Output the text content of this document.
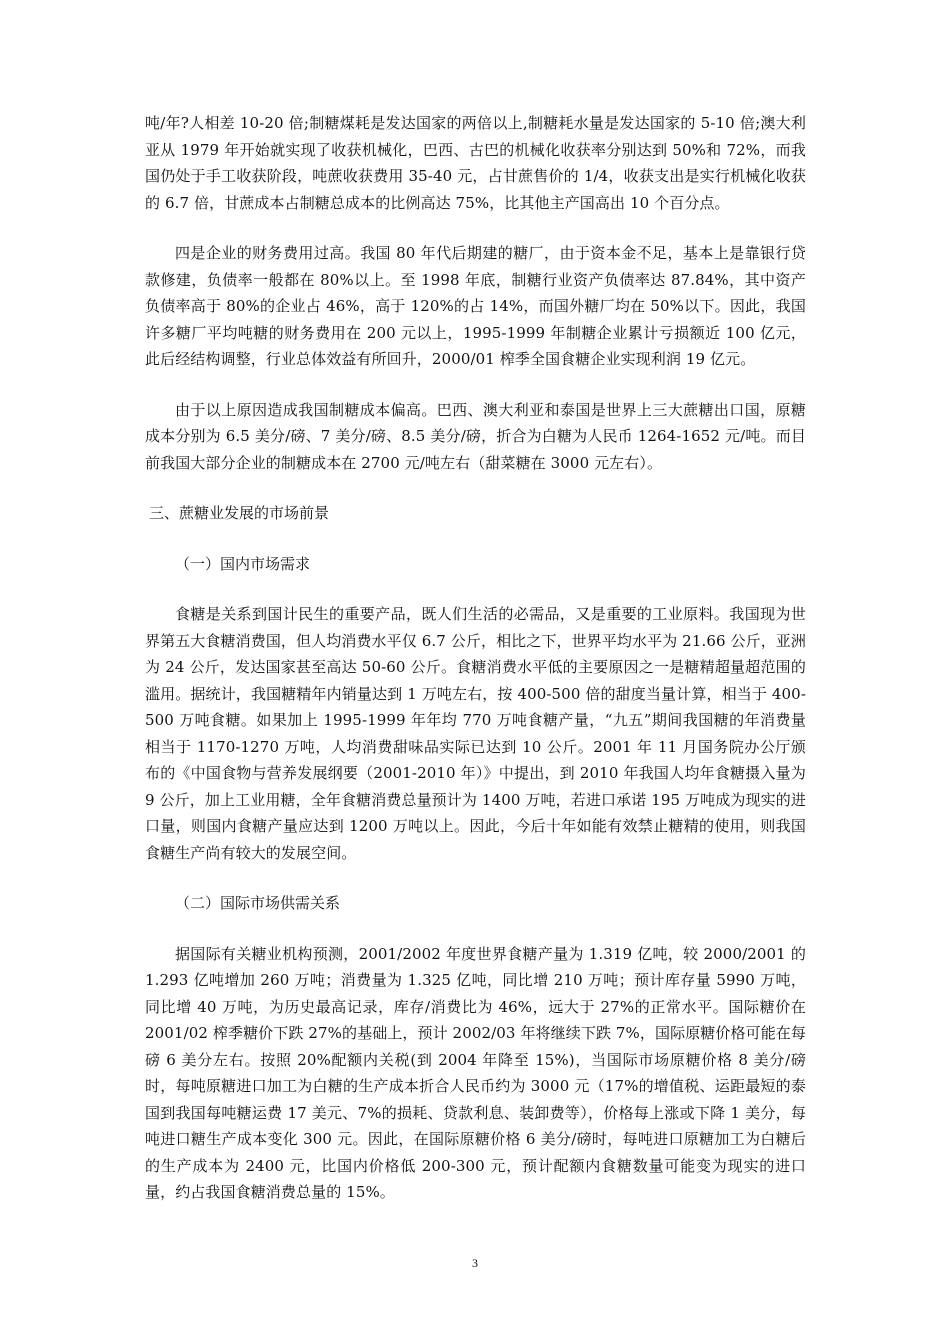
吨/年?人相差 10-20 倍;制糖煤耗是发达国家的两倍以上,制糖耗水量是发达国家的 5-10 倍;澳大利亚从 1979 年开始就实现了收获机械化，巴西、古巴的机械化收获率分别达到 50%和 72%，而我国仍处于手工收获阶段，吨蔗收获费用 35-40 元，占甘蔗售价的 1/4，收获支出是实行机械化收获的 6.7 倍，甘蔗成本占制糖总成本的比例高达 75%，比其他主产国高出 10 个百分点。

四是企业的财务费用过高。我国 80 年代后期建的糖厂，由于资本金不足，基本上是靠银行贷款修建，负债率一般都在 80%以上。至 1998 年底，制糖行业资产负债率达 87.84%，其中资产负债率高于 80%的企业占 46%，高于 120%的占 14%，而国外糖厂均在 50%以下。因此，我国许多糖厂平均吨糖的财务费用在 200 元以上，1995-1999 年制糖企业累计亏损额近 100 亿元，此后经结构调整，行业总体效益有所回升，2000/01 榨季全国食糖企业实现利润 19 亿元。

由于以上原因造成我国制糖成本偏高。巴西、澳大利亚和泰国是世界上三大蔗糖出口国，原糖成本分别为 6.5 美分/磅、7 美分/磅、8.5 美分/磅，折合为白糖为人民币 1264-1652 元/吨。而目前我国大部分企业的制糖成本在 2700 元/吨左右（甜菜糖在 3000 元左右）。

三、蔗糖业发展的市场前景

（一）国内市场需求

食糖是关系到国计民生的重要产品，既人们生活的必需品，又是重要的工业原料。我国现为世界第五大食糖消费国，但人均消费水平仅 6.7 公斤，相比之下，世界平均水平为 21.66 公斤，亚洲为 24 公斤，发达国家甚至高达 50-60 公斤。食糖消费水平低的主要原因之一是糖精超量超范围的滥用。据统计，我国糖精年内销量达到 1 万吨左右，按 400-500 倍的甜度当量计算，相当于 400-500 万吨食糖。如果加上 1995-1999 年年均 770 万吨食糖产量，“九五”期间我国糖的年消费量相当于 1170-1270 万吨，人均消费甜味品实际已达到 10 公斤。2001 年 11 月国务院办公厅颁布的《中国食物与营养发展纲要（2001-2010 年）》中提出，到 2010 年我国人均年食糖摄入量为 9 公斤，加上工业用糖，全年食糖消费总量预计为 1400 万吨，若进口承诺 195 万吨成为现实的进口量，则国内食糖产量应达到 1200 万吨以上。因此，今后十年如能有效禁止糖精的使用，则我国食糖生产尚有较大的发展空间。

（二）国际市场供需关系

据国际有关糖业机构预测，2001/2002 年度世界食糖产量为 1.319 亿吨，较 2000/2001 的 1.293 亿吨增加 260 万吨；消费量为 1.325 亿吨，同比增 210 万吨；预计库存量 5990 万吨，同比增 40 万吨，为历史最高记录，库存/消费比为 46%，远大于 27%的正常水平。国际糖价在 2001/02 榨季糖价下跌 27%的基础上，预计 2002/03 年将继续下跌 7%，国际原糖价格可能在每磅 6 美分左右。按照 20%配额内关税(到 2004 年降至 15%)，当国际市场原糖价格 8 美分/磅时，每吨原糖进口加工为白糖的生产成本折合人民币约为 3000 元（17%的增值税、运距最短的泰国到我国每吨糖运费 17 美元、7%的损耗、贷款利息、装卸费等），价格每上涨或下降 1 美分，每吨进口糖生产成本变化 300 元。因此，在国际原糖价格 6 美分/磅时，每吨进口原糖加工为白糖后的生产成本为 2400 元，比国内价格低 200-300 元，预计配额内食糖数量可能变为现实的进口量，约占我国食糖消费总量的 15%。

3
